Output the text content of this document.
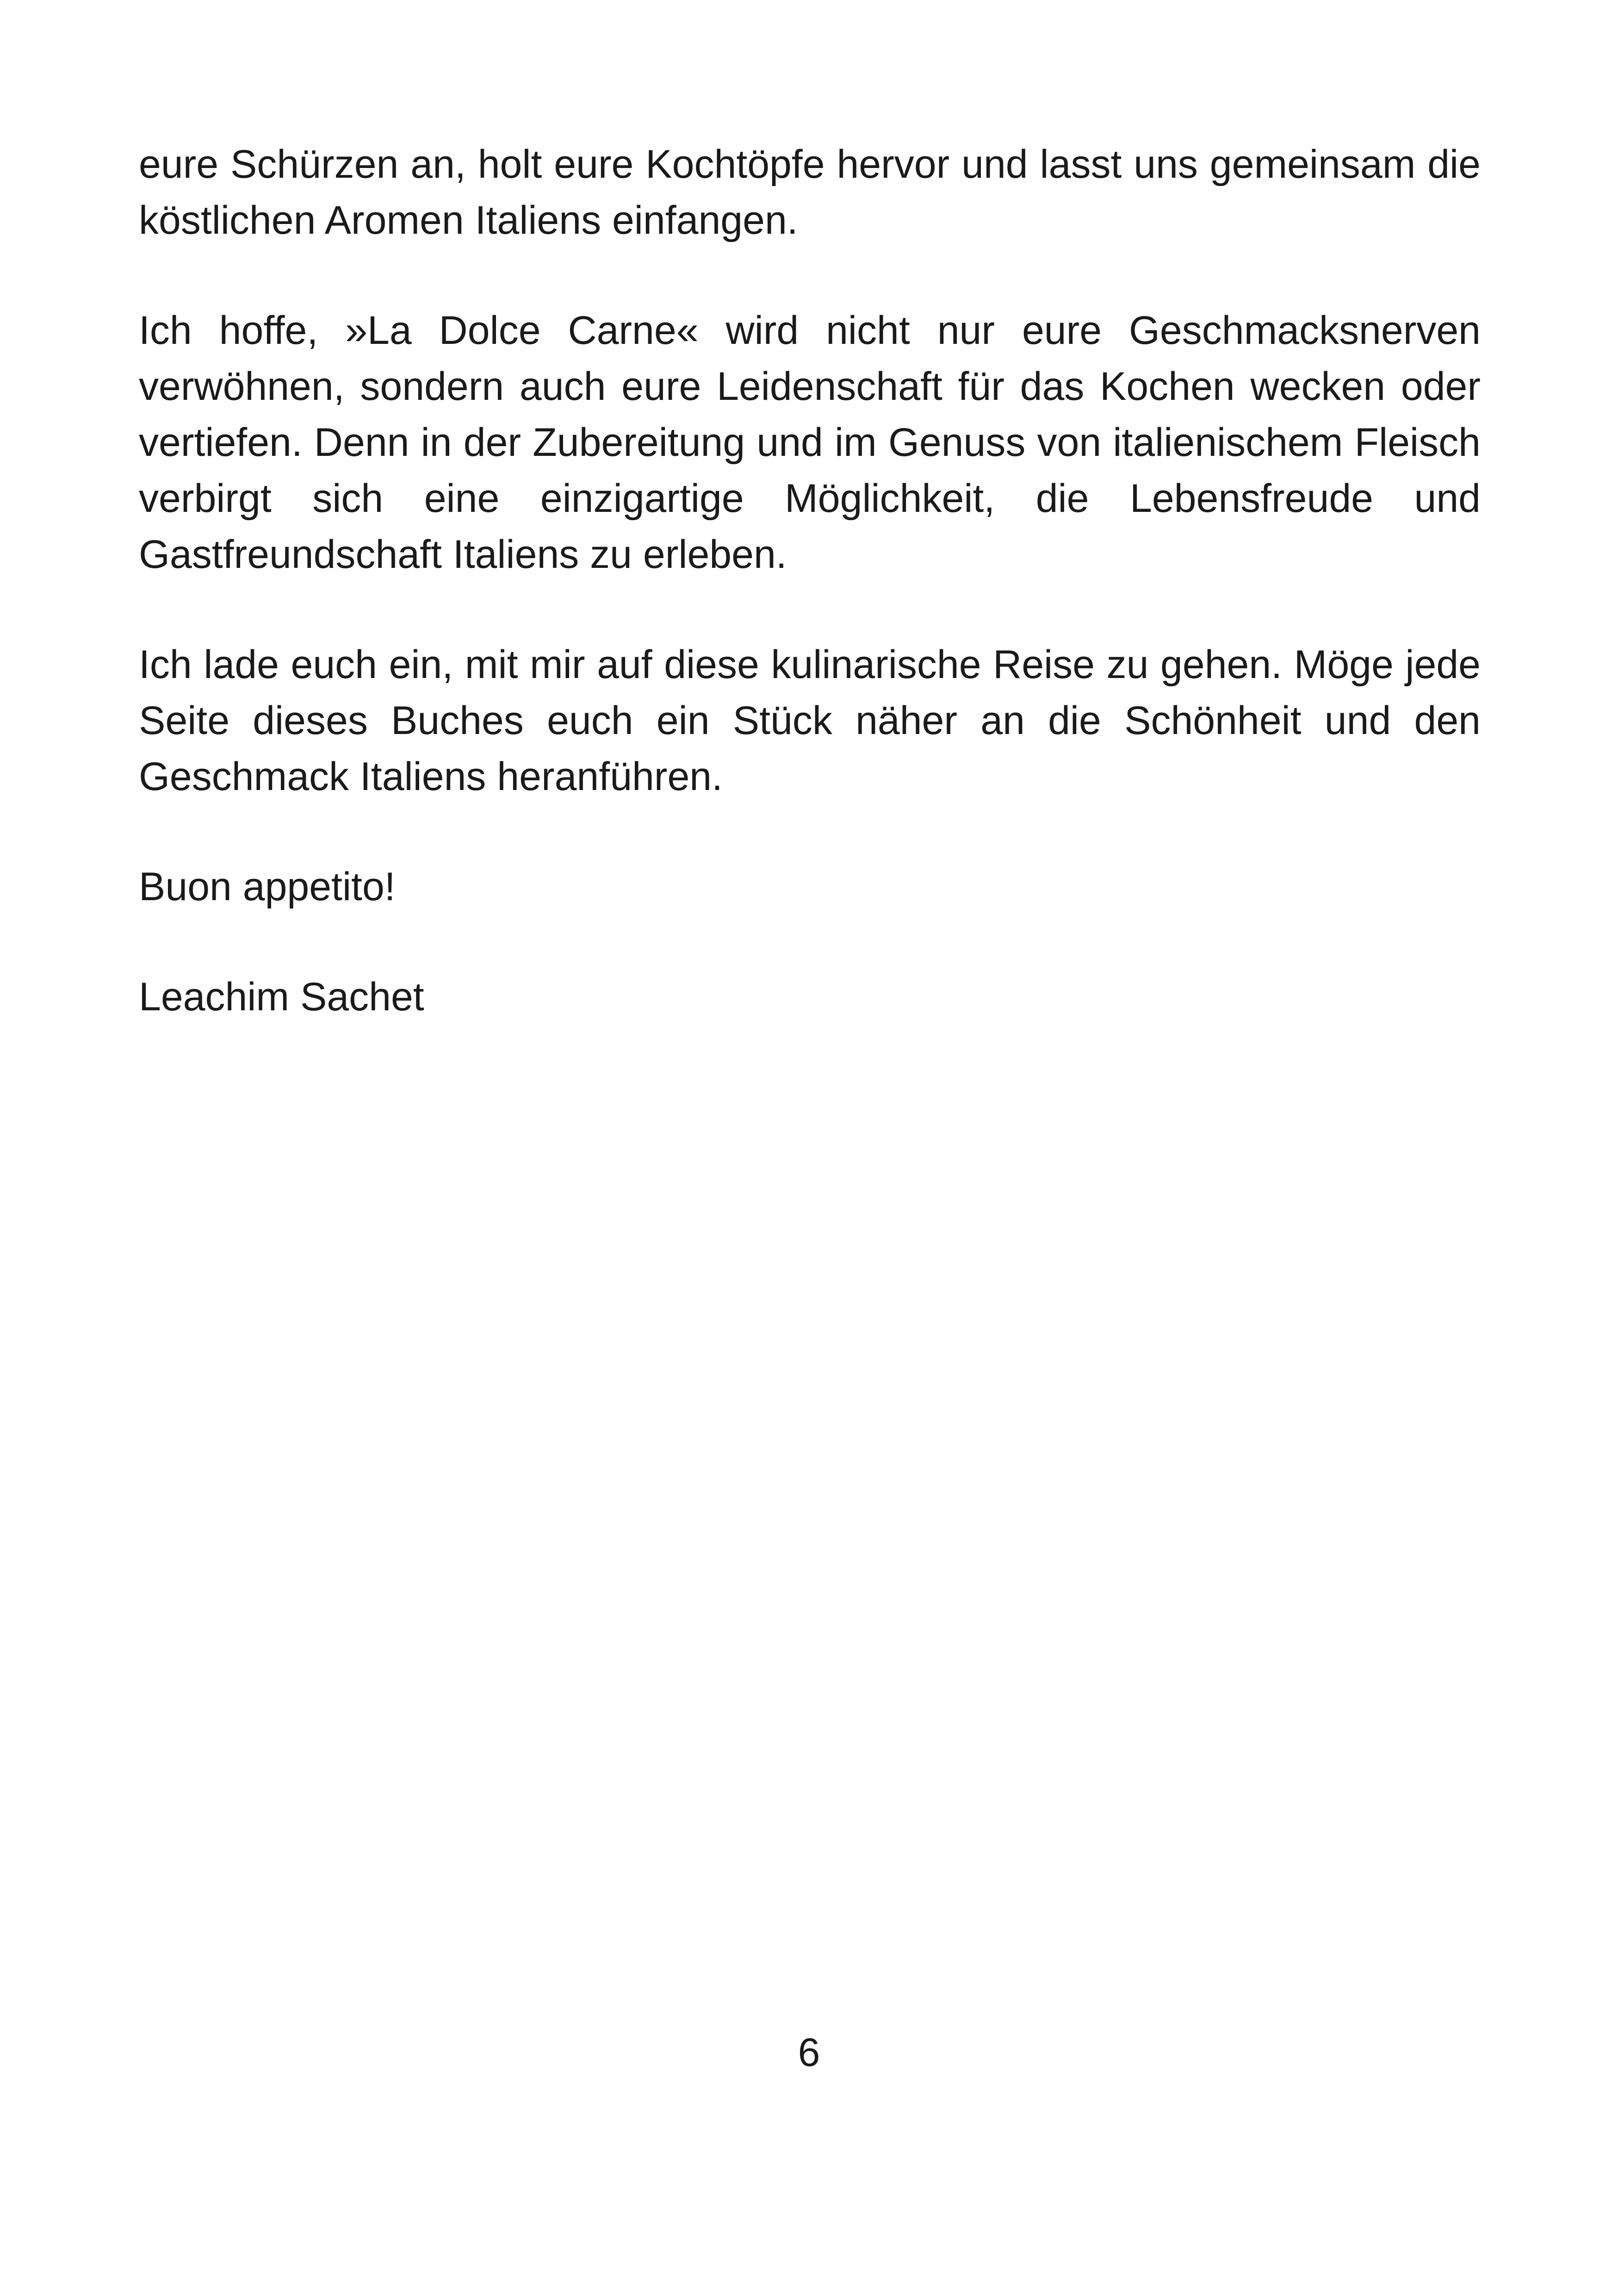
eure Schürzen an, holt eure Kochtöpfe hervor und lasst uns gemeinsam die köstlichen Aromen Italiens einfangen.

Ich hoffe, »La Dolce Carne« wird nicht nur eure Geschmacksnerven verwöhnen, sondern auch eure Leidenschaft für das Kochen wecken oder vertiefen. Denn in der Zubereitung und im Genuss von italienischem Fleisch verbirgt sich eine einzigartige Möglichkeit, die Lebensfreude und Gastfreundschaft Italiens zu erleben.

Ich lade euch ein, mit mir auf diese kulinarische Reise zu gehen. Möge jede Seite dieses Buches euch ein Stück näher an die Schönheit und den Geschmack Italiens heranführen.

Buon appetito!

Leachim Sachet

6
